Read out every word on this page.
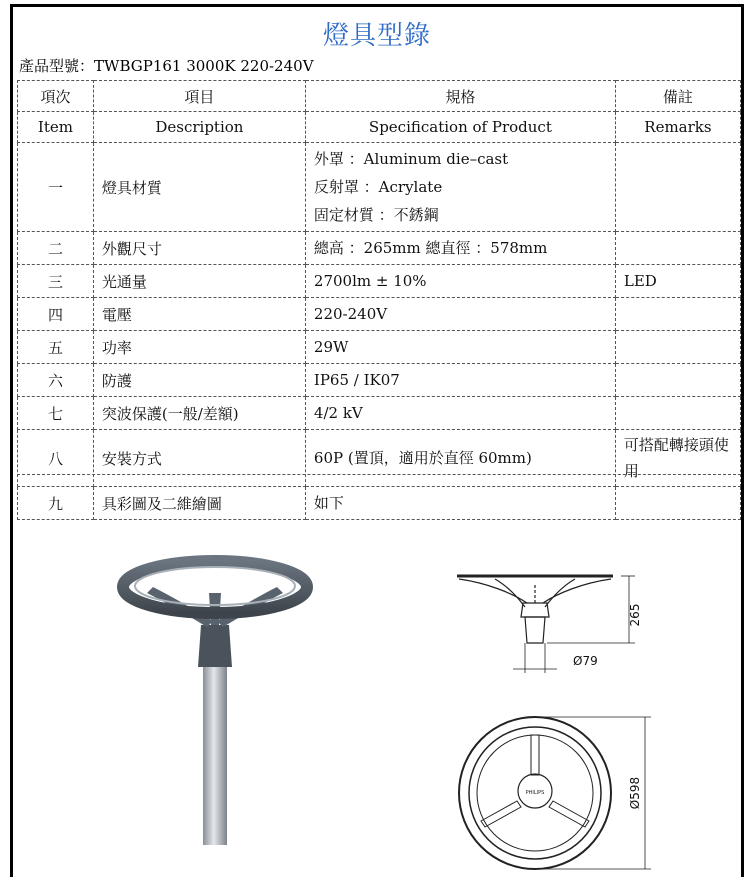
燈具型錄
產品型號：TWBGP161 3000K 220-240V
項次	項目	規格	備註
Item	Description	Specification of Product	Remarks
一	燈具材質	外罩 ：Aluminum die–cast
反射罩 ：Acrylate
固定材質 ：不銹鋼	

二	外觀尺寸	總高 ：265mm 總直徑 ：578mm	

三	光通量	2700lm ± 10%	LED
四	電壓	220-240V	

五	功率	29W	

六	防護	IP65 / IK07	

七	突波保護(一般/差額)	4/2 kV	

八	安裝方式	60P (置頂，適用於直徑 60mm)	可搭配轉接頭使用
九	具彩圖及二維繪圖	如下	

265
Ø79
PHILIPS	Ø598
